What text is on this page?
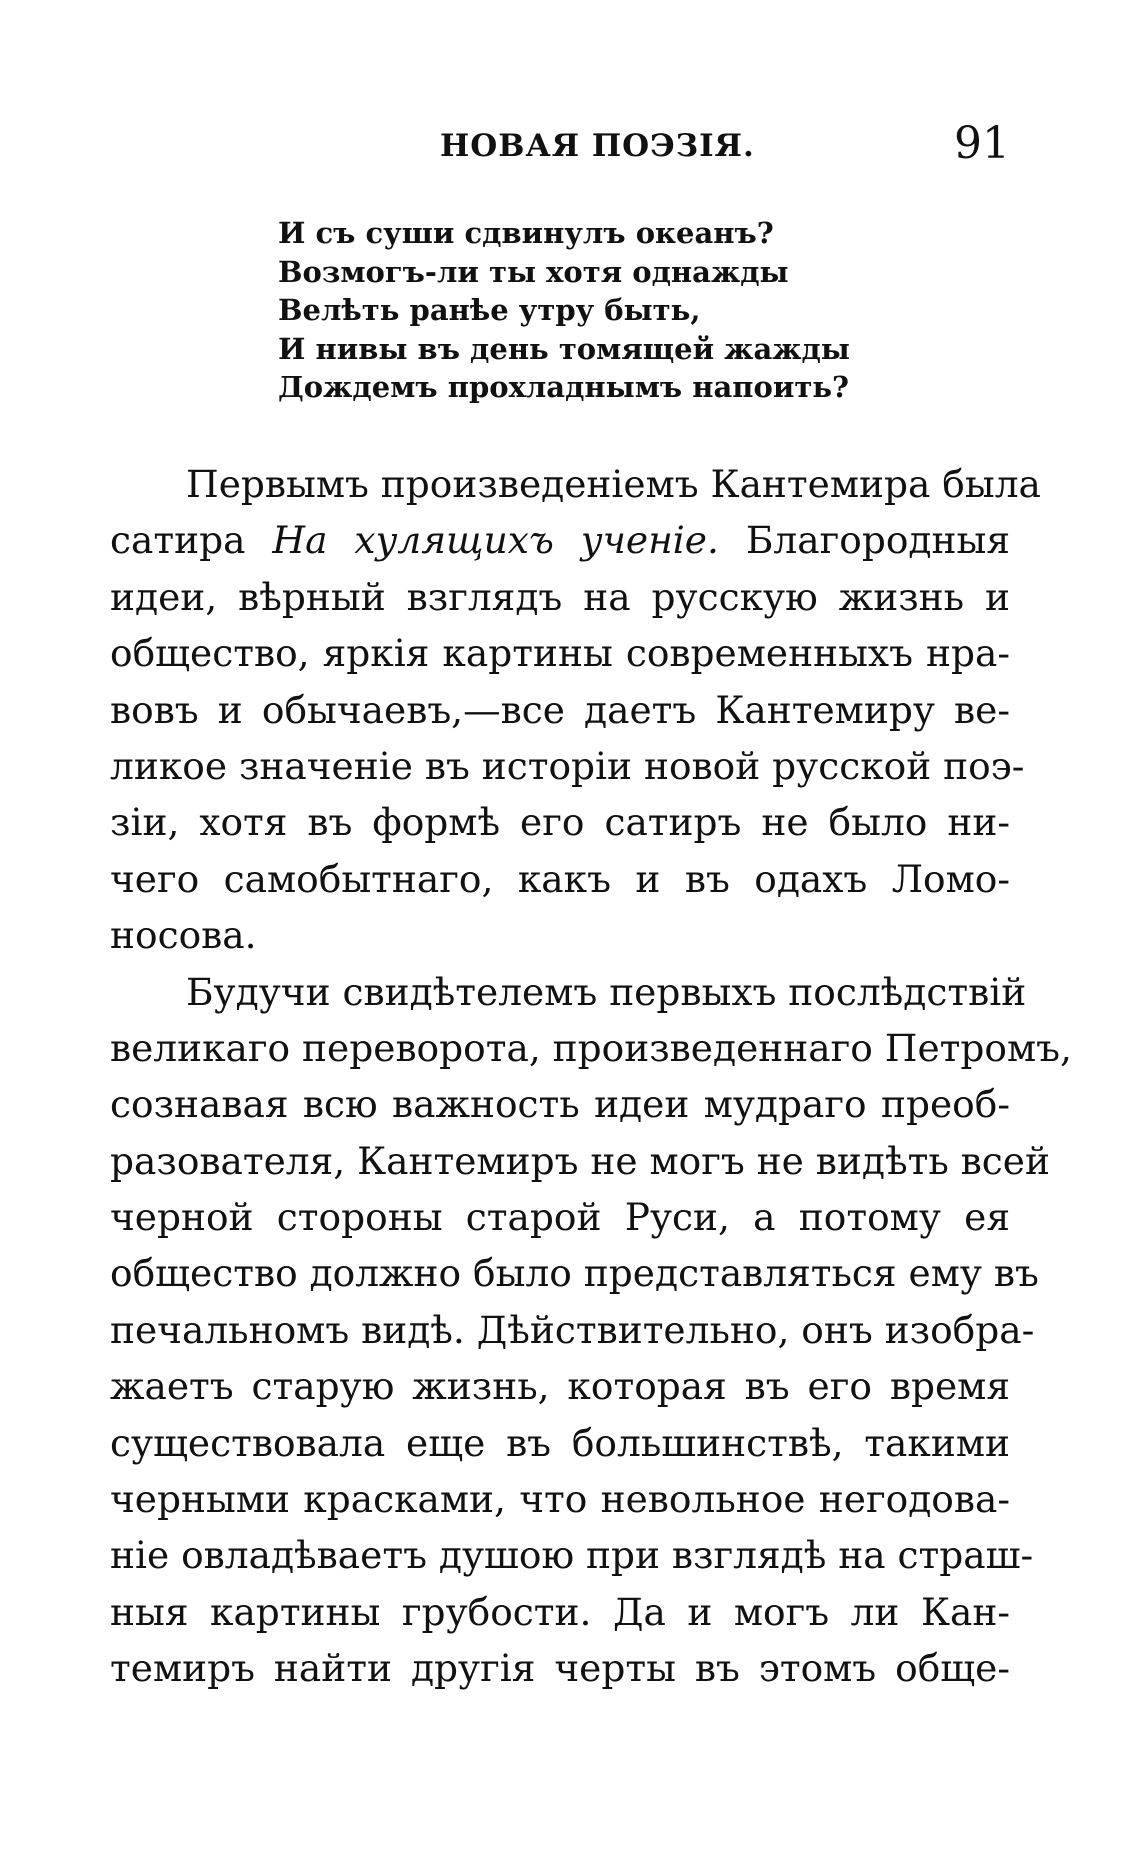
НОВАЯ ПОЭЗІЯ.	91
И съ суши сдвинулъ океанъ?
Возмогъ-ли ты хотя однажды
Велѣть ранѣе утру быть,
И нивы въ день томящей жажды
Дождемъ прохладнымъ напоить?
Первымъ произведеніемъ Кантемира была
сатира На хулящихъ ученіе. Благородныя
идеи, вѣрный взглядъ на русскую жизнь и
общество, яркія картины современныхъ нра-
вовъ и обычаевъ,—все даетъ Кантемиру ве-
ликое значеніе въ исторіи новой русской поэ-
зіи, хотя въ формѣ его сатиръ не было ни-
чего самобытнаго, какъ и въ одахъ Ломо-
носова.
Будучи свидѣтелемъ первыхъ послѣдствій
великаго переворота, произведеннаго Петромъ,
сознавая всю важность идеи мудраго преоб-
разователя, Кантемиръ не могъ не видѣть всей
черной стороны старой Руси, а потому ея
общество должно было представляться ему въ
печальномъ видѣ. Дѣйствительно, онъ изобра-
жаетъ старую жизнь, которая въ его время
существовала еще въ большинствѣ, такими
черными красками, что невольное негодова-
ніе овладѣваетъ душою при взглядѣ на страш-
ныя картины грубости. Да и могъ ли Кан-
темиръ найти другія черты въ этомъ обще-
